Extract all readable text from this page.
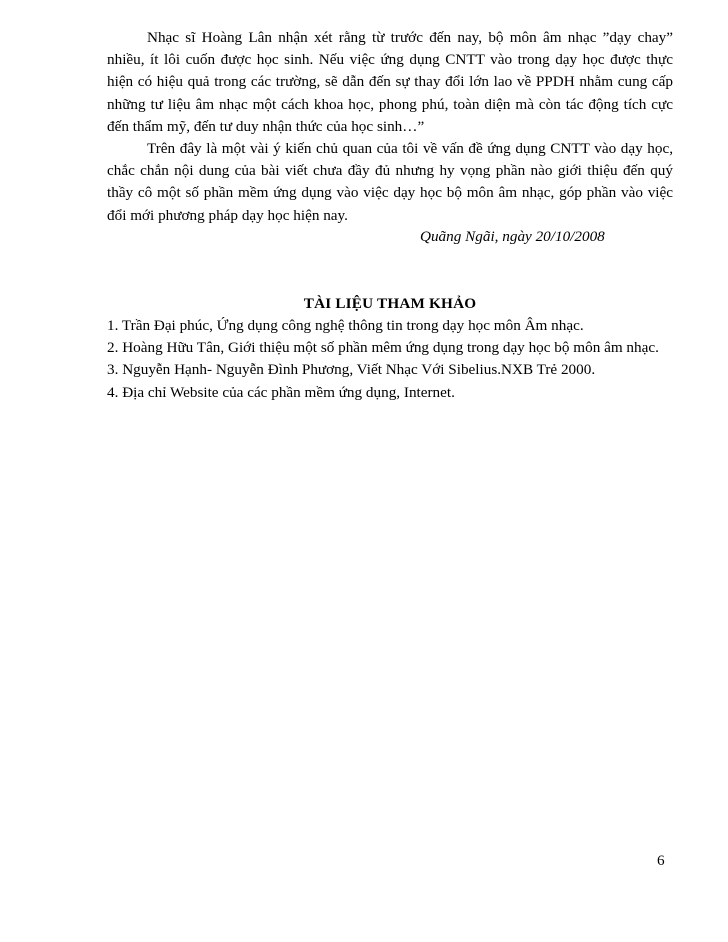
Nhạc sĩ Hoàng Lân nhận xét rằng từ trước đến nay, bộ môn âm nhạc ”dạy chay” nhiều, ít lôi cuốn được học sinh. Nếu việc ứng dụng CNTT vào trong dạy học được thực hiện có hiệu quả trong các trường, sẽ dẫn đến sự thay đổi lớn lao về PPDH nhằm cung cấp những tư liệu âm nhạc một cách khoa học, phong phú, toàn diện mà còn tác động tích cực đến thẩm mỹ, đến tư duy nhận thức của học sinh…”

Trên đây là một vài ý kiến chủ quan của tôi về vấn đề ứng dụng CNTT vào dạy học, chắc chắn nội dung của bài viết chưa đầy đủ nhưng hy vọng phần nào giới thiệu đến quý thầy cô một số phần mềm ứng dụng vào việc dạy học bộ môn âm nhạc, góp phần vào việc đổi mới phương pháp dạy học hiện nay.

Quãng Ngãi, ngày 20/10/2008

TÀI LIỆU THAM KHẢO

1. Trần Đại phúc, Ứng dụng công nghệ thông tin trong dạy học môn Âm nhạc.

2. Hoàng Hữu Tân, Giới thiệu một số phần mêm ứng dụng trong dạy học bộ môn âm nhạc.

3. Nguyễn Hạnh- Nguyễn Đình Phương, Viết Nhạc Với Sibelius.NXB Trẻ 2000.

4. Địa chỉ Website của các phần mềm ứng dụng, Internet.

6
